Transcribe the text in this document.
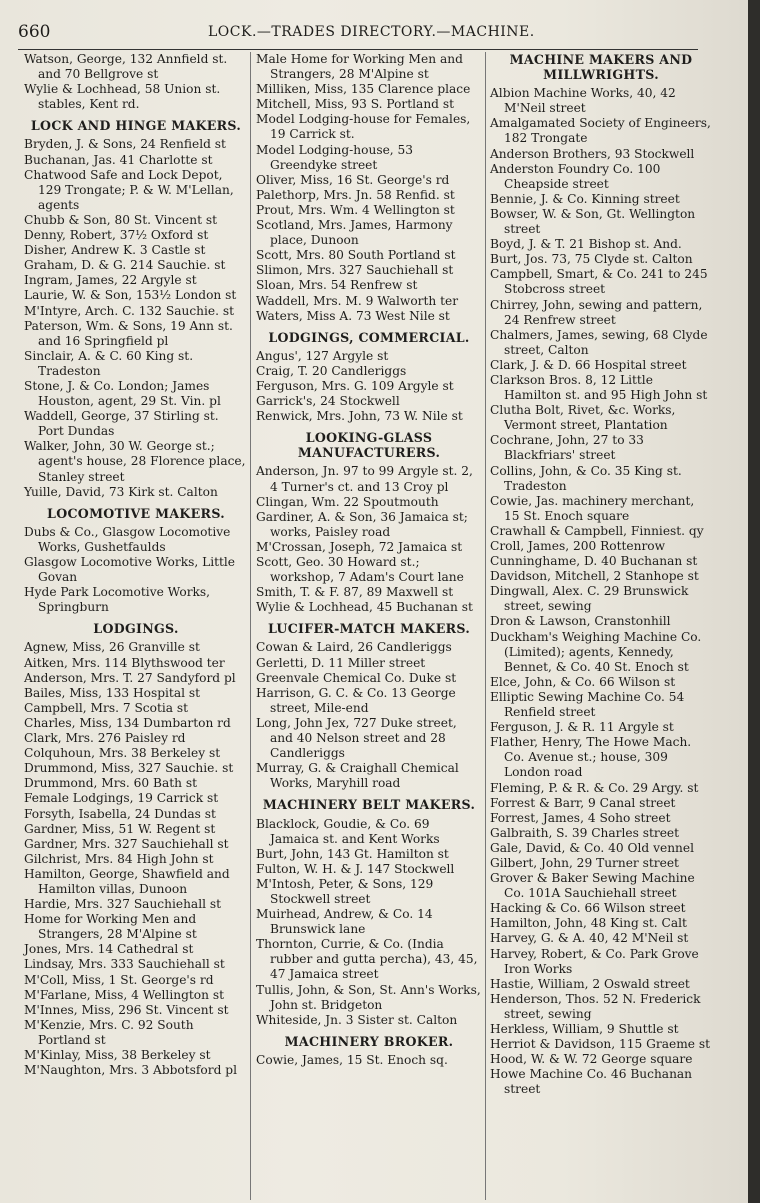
660	LOCK.—TRADES DIRECTORY.—MACHINE.
Watson, George, 132 Annfield st. and 70 Bellgrove st
Wylie & Lochhead, 58 Union st. stables, Kent rd.
LOCK AND HINGE MAKERS.
Bryden, J. & Sons, 24 Renfield st
Buchanan, Jas. 41 Charlotte st
Chatwood Safe and Lock Depot, 129 Trongate; P. & W. M'Lellan, agents
Chubb & Son, 80 St. Vincent st
Denny, Robert, 37½ Oxford st
Disher, Andrew K. 3 Castle st
Graham, D. & G. 214 Sauchie. st
Ingram, James, 22 Argyle st
Laurie, W. & Son, 153½ London st
M'Intyre, Arch. C. 132 Sauchie. st
Paterson, Wm. & Sons, 19 Ann st. and 16 Springfield pl
Sinclair, A. & C. 60 King st. Tradeston
Stone, J. & Co. London; James Houston, agent, 29 St. Vin. pl
Waddell, George, 37 Stirling st. Port Dundas
Walker, John, 30 W. George st.; agent's house, 28 Florence place, Stanley street
Yuille, David, 73 Kirk st. Calton
LOCOMOTIVE MAKERS.
Dubs & Co., Glasgow Locomotive Works, Gushetfaulds
Glasgow Locomotive Works, Little Govan
Hyde Park Locomotive Works, Springburn
LODGINGS.
Agnew, Miss, 26 Granville st
Aitken, Mrs. 114 Blythswood ter
Anderson, Mrs. T. 27 Sandyford pl
Bailes, Miss, 133 Hospital st
Campbell, Mrs. 7 Scotia st
Charles, Miss, 134 Dumbarton rd
Clark, Mrs. 276 Paisley rd
Colquhoun, Mrs. 38 Berkeley st
Drummond, Miss, 327 Sauchie. st
Drummond, Mrs. 60 Bath st
Female Lodgings, 19 Carrick st
Forsyth, Isabella, 24 Dundas st
Gardner, Miss, 51 W. Regent st
Gardner, Mrs. 327 Sauchiehall st
Gilchrist, Mrs. 84 High John st
Hamilton, George, Shawfield and Hamilton villas, Dunoon
Hardie, Mrs. 327 Sauchiehall st
Home for Working Men and Strangers, 28 M'Alpine st
Jones, Mrs. 14 Cathedral st
Lindsay, Mrs. 333 Sauchiehall st
M'Coll, Miss, 1 St. George's rd
M'Farlane, Miss, 4 Wellington st
M'Innes, Miss, 296 St. Vincent st
M'Kenzie, Mrs. C. 92 South Portland st
M'Kinlay, Miss, 38 Berkeley st
M'Naughton, Mrs. 3 Abbotsford pl
Male Home for Working Men and Strangers, 28 M'Alpine st
Milliken, Miss, 135 Clarence place
Mitchell, Miss, 93 S. Portland st
Model Lodging-house for Females, 19 Carrick st.
Model Lodging-house, 53 Greendyke street
Oliver, Miss, 16 St. George's rd
Palethorp, Mrs. Jn. 58 Renfid. st
Prout, Mrs. Wm. 4 Wellington st
Scotland, Mrs. James, Harmony place, Dunoon
Scott, Mrs. 80 South Portland st
Slimon, Mrs. 327 Sauchiehall st
Sloan, Mrs. 54 Renfrew st
Waddell, Mrs. M. 9 Walworth ter
Waters, Miss A. 73 West Nile st
LODGINGS, COMMERCIAL.
Angus', 127 Argyle st
Craig, T. 20 Candleriggs
Ferguson, Mrs. G. 109 Argyle st
Garrick's, 24 Stockwell
Renwick, Mrs. John, 73 W. Nile st
LOOKING-GLASS MANUFACTURERS.
Anderson, Jn. 97 to 99 Argyle st. 2, 4 Turner's ct. and 13 Croy pl
Clingan, Wm. 22 Spoutmouth
Gardiner, A. & Son, 36 Jamaica st; works, Paisley road
M'Crossan, Joseph, 72 Jamaica st
Scott, Geo. 30 Howard st.; workshop, 7 Adam's Court lane
Smith, T. & F. 87, 89 Maxwell st
Wylie & Lochhead, 45 Buchanan st
LUCIFER-MATCH MAKERS.
Cowan & Laird, 26 Candleriggs
Gerletti, D. 11 Miller street
Greenvale Chemical Co. Duke st
Harrison, G. C. & Co. 13 George street, Mile-end
Long, John Jex, 727 Duke street, and 40 Nelson street and 28 Candleriggs
Murray, G. & Craighall Chemical Works, Maryhill road
MACHINERY BELT MAKERS.
Blacklock, Goudie, & Co. 69 Jamaica st. and Kent Works
Burt, John, 143 Gt. Hamilton st
Fulton, W. H. & J. 147 Stockwell
M'Intosh, Peter, & Sons, 129 Stockwell street
Muirhead, Andrew, & Co. 14 Brunswick lane
Thornton, Currie, & Co. (India rubber and gutta percha), 43, 45, 47 Jamaica street
Tullis, John, & Son, St. Ann's Works, John st. Bridgeton
Whiteside, Jn. 3 Sister st. Calton
MACHINERY BROKER.
Cowie, James, 15 St. Enoch sq.
MACHINE MAKERS AND MILLWRIGHTS.
Albion Machine Works, 40, 42 M'Neil street
Amalgamated Society of Engineers, 182 Trongate
Anderson Brothers, 93 Stockwell
Anderston Foundry Co. 100 Cheapside street
Bennie, J. & Co. Kinning street
Bowser, W. & Son, Gt. Wellington street
Boyd, J. & T. 21 Bishop st. And.
Burt, Jos. 73, 75 Clyde st. Calton
Campbell, Smart, & Co. 241 to 245 Stobcross street
Chirrey, John, sewing and pattern, 24 Renfrew street
Chalmers, James, sewing, 68 Clyde street, Calton
Clark, J. & D. 66 Hospital street
Clarkson Bros. 8, 12 Little Hamilton st. and 95 High John st
Clutha Bolt, Rivet, &c. Works, Vermont street, Plantation
Cochrane, John, 27 to 33 Blackfriars' street
Collins, John, & Co. 35 King st. Tradeston
Cowie, Jas. machinery merchant, 15 St. Enoch square
Crawhall & Campbell, Finniest. qy
Croll, James, 200 Rottenrow
Cunninghame, D. 40 Buchanan st
Davidson, Mitchell, 2 Stanhope st
Dingwall, Alex. C. 29 Brunswick street, sewing
Dron & Lawson, Cranstonhill
Duckham's Weighing Machine Co. (Limited); agents, Kennedy, Bennet, & Co. 40 St. Enoch st
Elce, John, & Co. 66 Wilson st
Elliptic Sewing Machine Co. 54 Renfield street
Ferguson, J. & R. 11 Argyle st
Flather, Henry, The Howe Mach. Co. Avenue st.; house, 309 London road
Fleming, P. & R. & Co. 29 Argy. st
Forrest & Barr, 9 Canal street
Forrest, James, 4 Soho street
Galbraith, S. 39 Charles street
Gale, David, & Co. 40 Old vennel
Gilbert, John, 29 Turner street
Grover & Baker Sewing Machine Co. 101A Sauchiehall street
Hacking & Co. 66 Wilson street
Hamilton, John, 48 King st. Calt
Harvey, G. & A. 40, 42 M'Neil st
Harvey, Robert, & Co. Park Grove Iron Works
Hastie, William, 2 Oswald street
Henderson, Thos. 52 N. Frederick street, sewing
Herkless, William, 9 Shuttle st
Herriot & Davidson, 115 Graeme st
Hood, W. & W. 72 George square
Howe Machine Co. 46 Buchanan street
